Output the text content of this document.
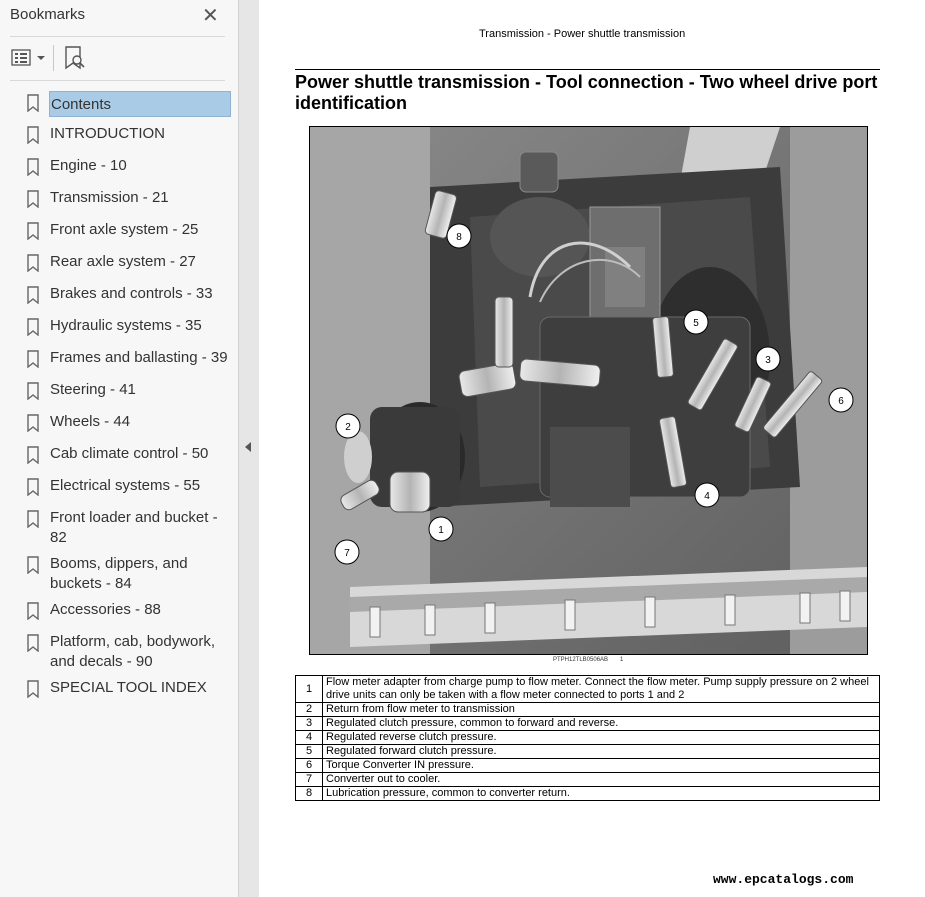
Bookmarks	✕
Contents
INTRODUCTION
Engine - 10
Transmission - 21
Front axle system - 25
Rear axle system - 27
Brakes and controls - 33
Hydraulic systems - 35
Frames and ballasting - 39
Steering - 41
Wheels - 44
Cab climate control - 50
Electrical systems - 55
Front loader and bucket - 82
Booms, dippers, and buckets - 84
Accessories - 88
Platform, cab, bodywork, and decals - 90
SPECIAL TOOL INDEX
Transmission - Power shuttle transmission
Power shuttle transmission - Tool connection - Two wheel drive port identification
1
2
3
4
5
6
7
8
PTPH12TLB0506AB 1
1	Flow meter adapter from charge pump to flow meter. Connect the flow meter. Pump supply pressure on 2 wheel drive units can only be taken with a flow meter connected to ports 1 and 2
2	Return from flow meter to transmission
3	Regulated clutch pressure, common to forward and reverse.
4	Regulated reverse clutch pressure.
5	Regulated forward clutch pressure.
6	Torque Converter IN pressure.
7	Converter out to cooler.
8	Lubrication pressure, common to converter return.
www.epcatalogs.com
